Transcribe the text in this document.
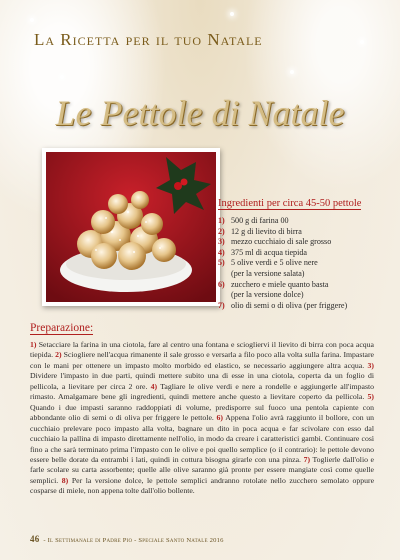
La Ricetta per il tuo Natale
Le Pettole di Natale
Ingredienti per circa 45-50 pettole
1) 500 g di farina 00
2) 12 g di lievito di birra
3) mezzo cucchiaio di sale grosso
4) 375 ml di acqua tiepida
5) 5 olive verdi e 5 olive nere
(per la versione salata)
6) zucchero e miele quanto basta
(per la versione dolce)
7) olio di semi o di oliva (per friggere)
Preparazione:
1) Setacciare la farina in una ciotola, fare al centro una fontana e sciogliervi il lievito di birra con poca acqua tiepida. 2) Sciogliere nell'acqua rimanente il sale grosso e versarla a filo poco alla volta sulla farina. Impastare con le mani per ottenere un impasto molto morbido ed elastico, se necessario aggiungere altra acqua. 3) Dividere l'impasto in due parti, quindi mettere subito una di esse in una ciotola, coperta da un foglio di pellicola, a lievitare per circa 2 ore. 4) Tagliare le olive verdi e nere a rondelle e aggiungerle all'impasto rimasto. Amalgamare bene gli ingredienti, quindi mettere anche questo a lievitare coperto da pellicola. 5) Quando i due impasti saranno raddoppiati di volume, predisporre sul fuoco una pentola capiente con abbondante olio di semi o di oliva per friggere le pettole. 6) Appena l'olio avrà raggiunto il bollore, con un cucchiaio prelevare poco impasto alla volta, bagnare un dito in poca acqua e far scivolare con esso dal cucchiaio la pallina di impasto direttamente nell'olio, in modo da creare i caratteristici gambi. Continuare così fino a che sarà terminato prima l'impasto con le olive e poi quello semplice (o il contrario): le pettole devono essere belle dorate da entrambi i lati, quindi in cottura bisogna girarle con una pinza. 7) Toglierle dall'olio e farle scolare su carta assorbente; quelle alle olive saranno già pronte per essere mangiate così come quelle semplici. 8) Per la versione dolce, le pettole semplici andranno rotolate nello zucchero semolato oppure cosparse di miele, non appena tolte dall'olio bollente.
46 - Il Settimanale di Padre Pio - Speciale Santo Natale 2016
